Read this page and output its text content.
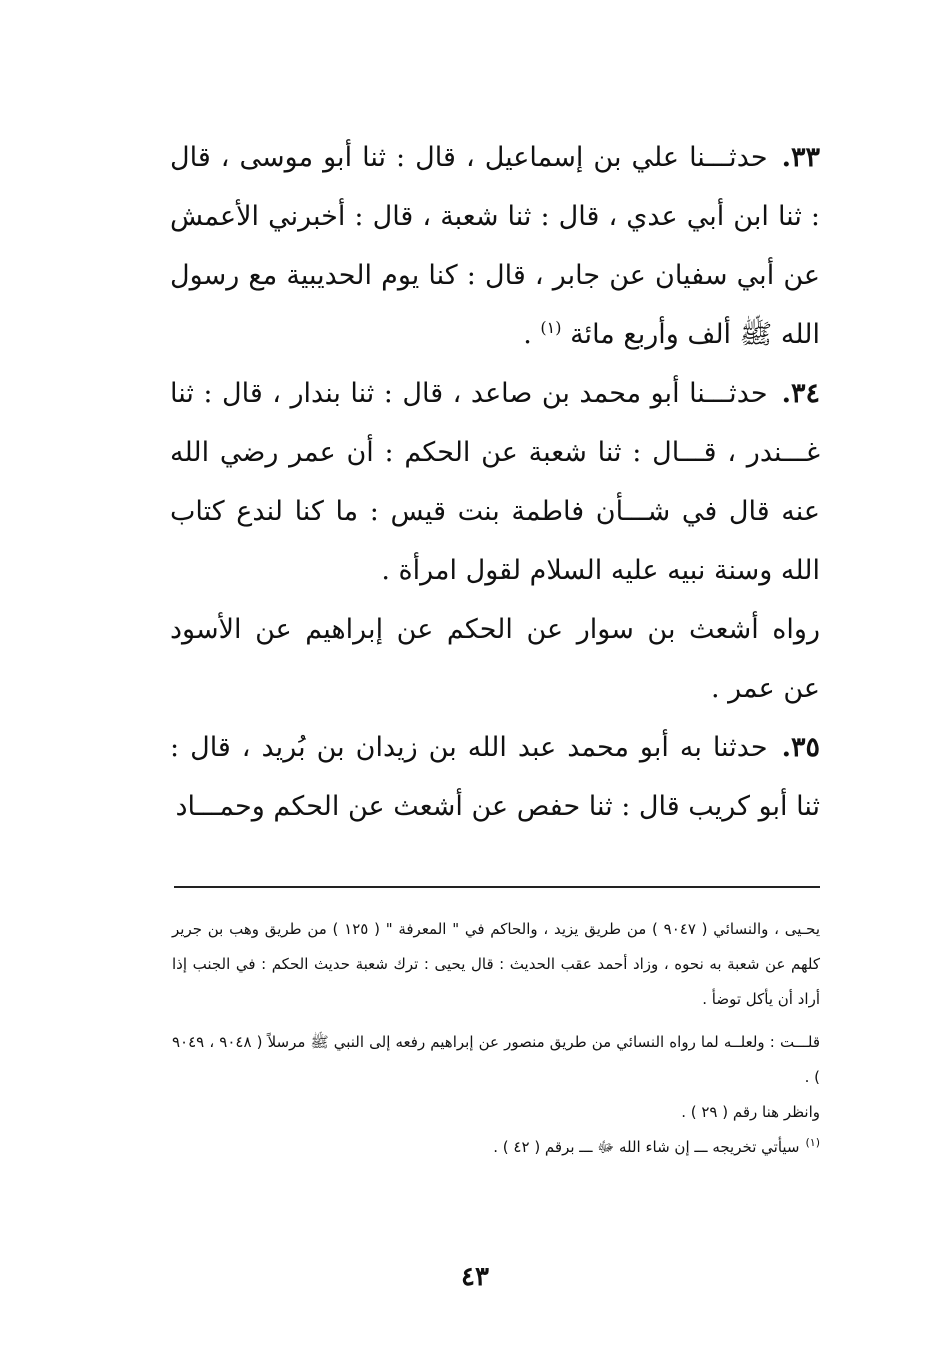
٣٣.حدثـــنا علي بن إسماعيل ، قال : ثنا أبو موسى ، قال : ثنا ابن أبي عدي ، قال : ثنا شعبة ، قال : أخبرني الأعمش عن أبي سفيان عن جابر ، قال : كنا يوم الحديبية مع رسول الله ﷺ ألف وأربع مائة $^{(١)}$ .

٣٤.حدثـــنا أبو محمد بن صاعد ، قال : ثنا بندار ، قال : ثنا غـــندر ، قـــال : ثنا شعبة عن الحكم : أن عمر رضي الله عنه قال في شـــأن فاطمة بنت قيس : ما كنا لندع كتاب الله وسنة نبيه عليه السلام لقول امرأة .

رواه أشعث بن سوار عن الحكم عن إبراهيم عن الأسود عن عمر .

٣٥.حدثنا به أبو محمد عبد الله بن زيدان بن بُريد ، قال : ثنا أبو كريب قال : ثنا حفص عن أشعث عن الحكم وحمـــاد

يحـيى ، والنسائي ( ٩٠٤٧ ) من طريق يزيد ، والحاكم في " المعرفة " ( ١٢٥ ) من طريق وهب بن جرير كلهم عن شعبة به نحوه ، وزاد أحمد عقب الحديث : قال يحيى : ترك شعبة حديث الحكم : في الجنب إذا أراد أن يأكل توضأ .

قلـــت : ولعلــه لما رواه النسائي من طريق منصور عن إبراهيم رفعه إلى النبي ﷺ مرسلاً ( ٩٠٤٨ ، ٩٠٤٩ ) .

وانظر هنا رقم ( ٢٩ ) .

$^{(١)}$سيأتي تخريجه ـــ إن شاء الله ﷻ ـــ برقم ( ٤٢ ) .

٤٣
